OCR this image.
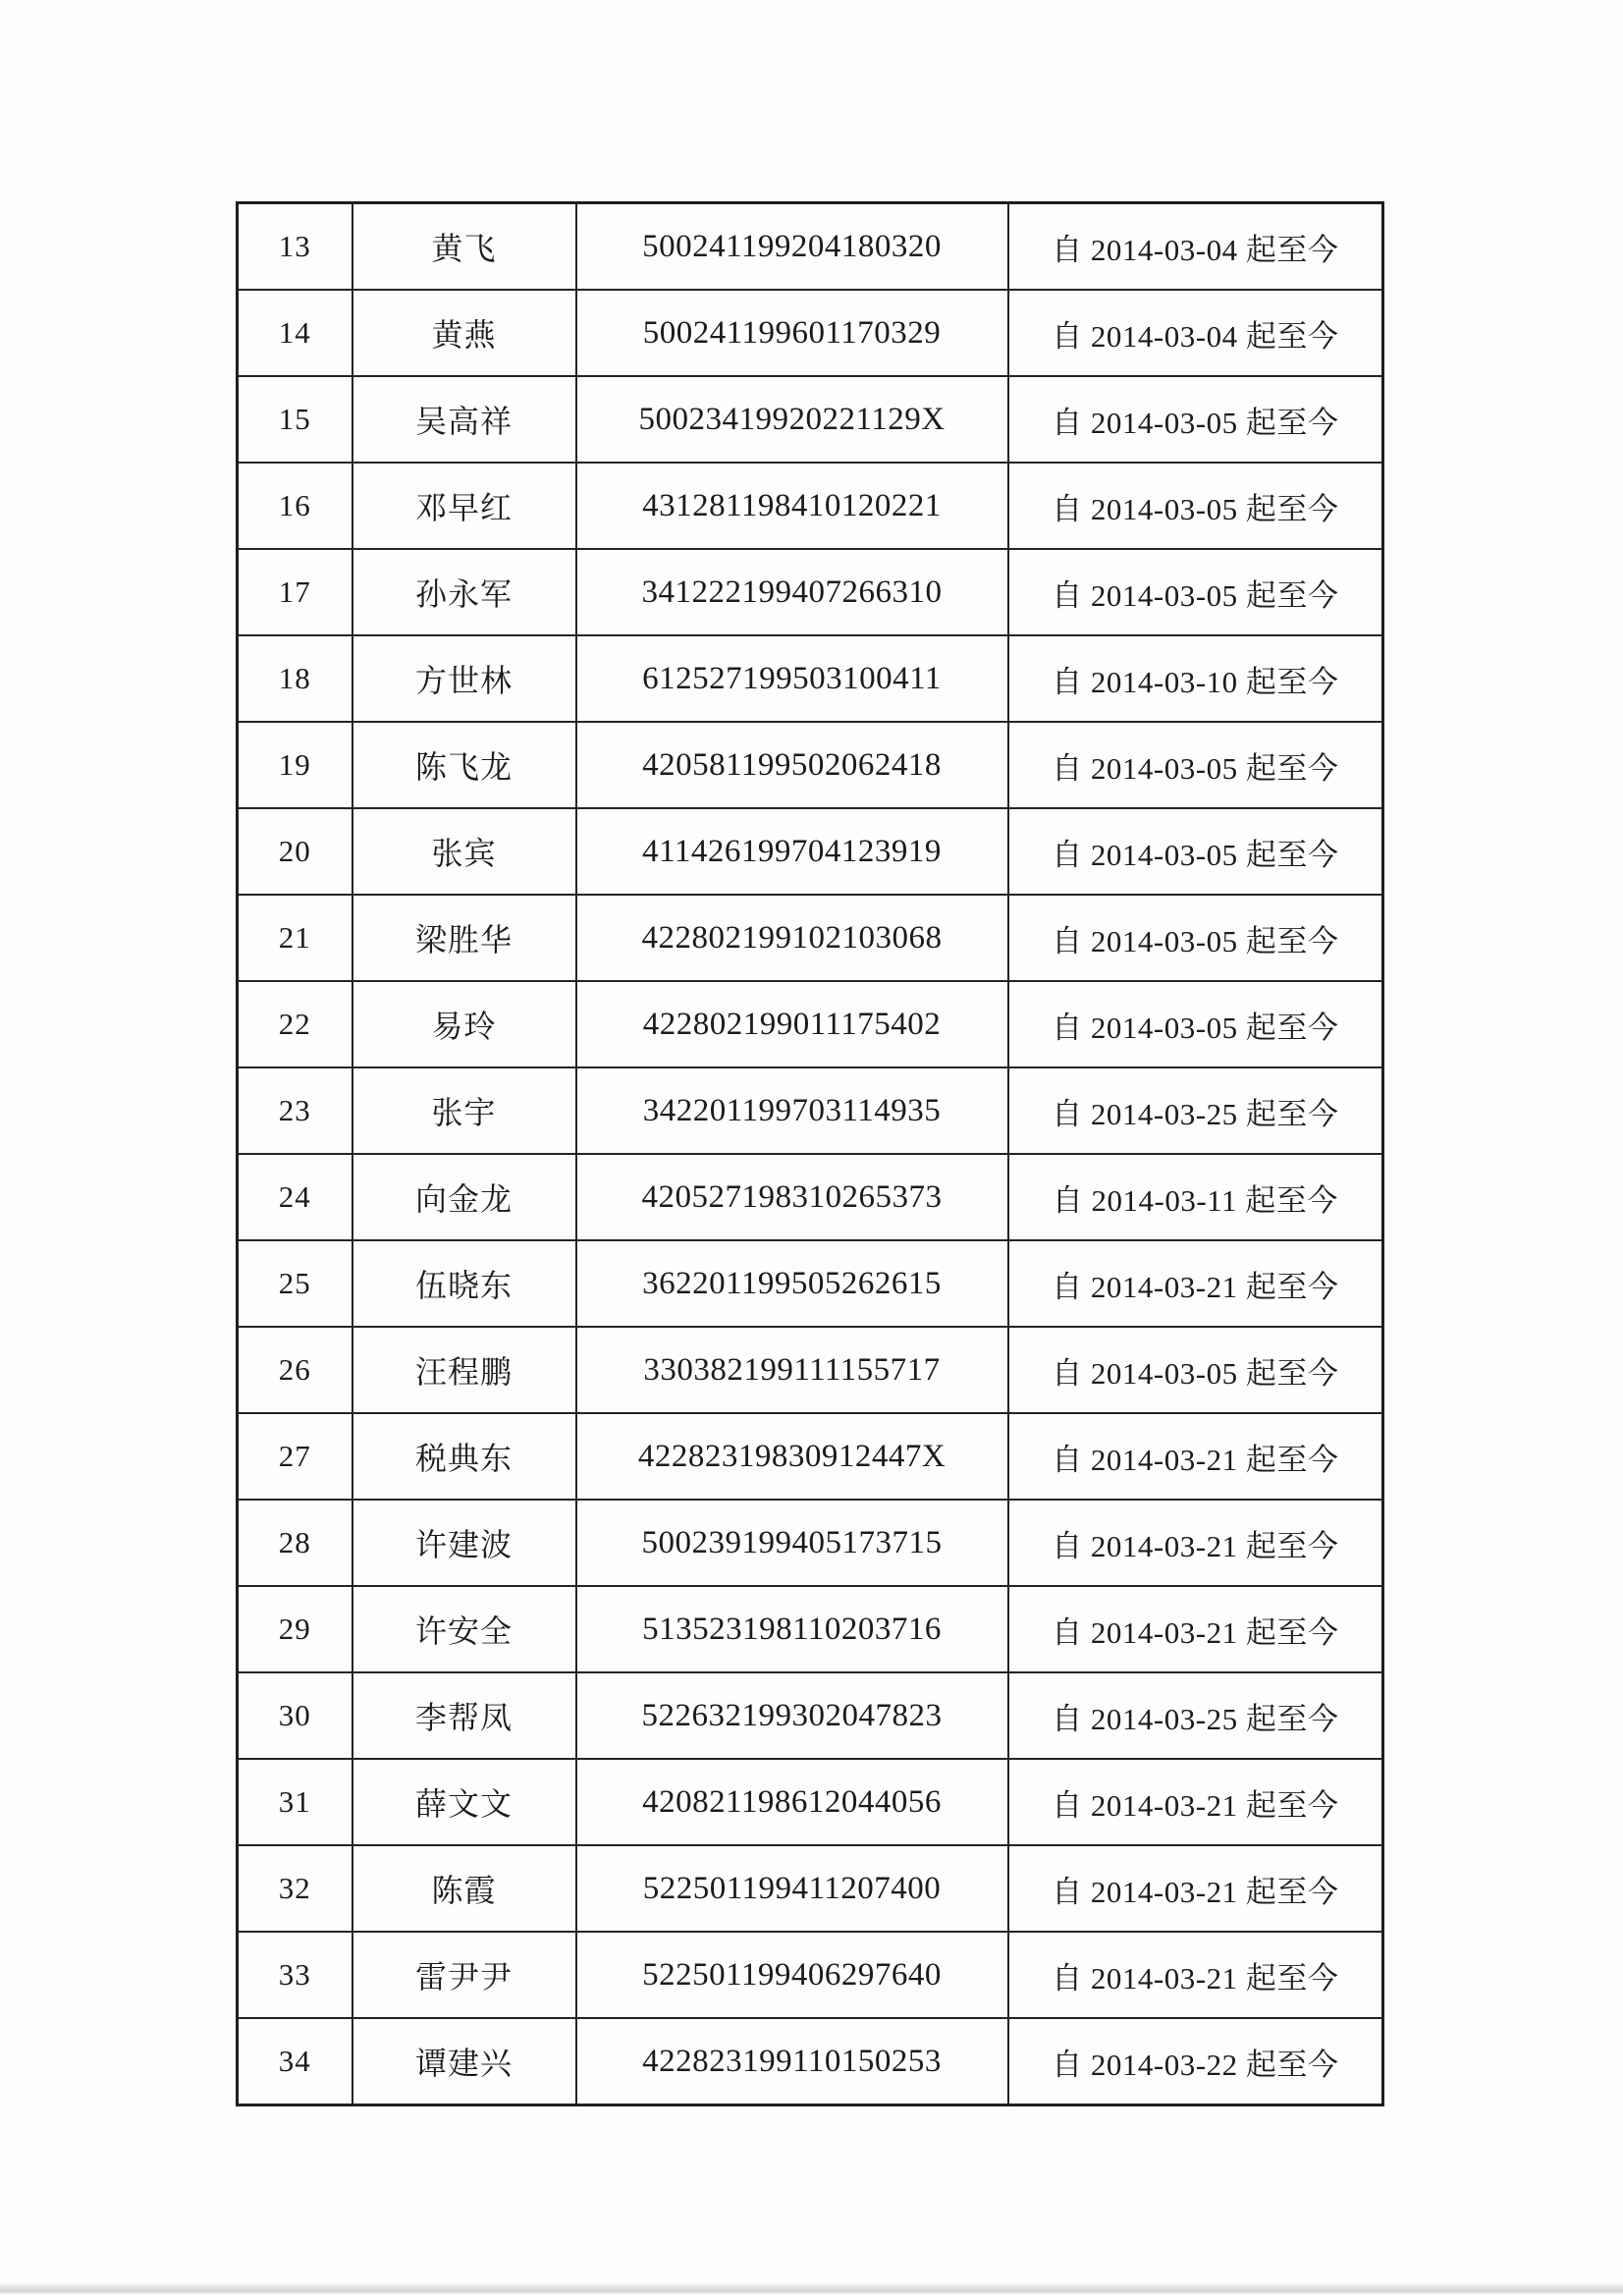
13	黄飞	500241199204180320	自 2014-03-04 起至今
14	黄燕	500241199601170329	自 2014-03-04 起至今
15	吴高祥	50023419920221129X	自 2014-03-05 起至今
16	邓早红	431281198410120221	自 2014-03-05 起至今
17	孙永军	341222199407266310	自 2014-03-05 起至今
18	方世林	612527199503100411	自 2014-03-10 起至今
19	陈飞龙	420581199502062418	自 2014-03-05 起至今
20	张宾	411426199704123919	自 2014-03-05 起至今
21	梁胜华	422802199102103068	自 2014-03-05 起至今
22	易玲	422802199011175402	自 2014-03-05 起至今
23	张宇	342201199703114935	自 2014-03-25 起至今
24	向金龙	420527198310265373	自 2014-03-11 起至今
25	伍晓东	362201199505262615	自 2014-03-21 起至今
26	汪程鹏	330382199111155717	自 2014-03-05 起至今
27	税典东	42282319830912447X	自 2014-03-21 起至今
28	许建波	500239199405173715	自 2014-03-21 起至今
29	许安全	513523198110203716	自 2014-03-21 起至今
30	李帮凤	522632199302047823	自 2014-03-25 起至今
31	薛文文	420821198612044056	自 2014-03-21 起至今
32	陈霞	522501199411207400	自 2014-03-21 起至今
33	雷尹尹	522501199406297640	自 2014-03-21 起至今
34	谭建兴	422823199110150253	自 2014-03-22 起至今
